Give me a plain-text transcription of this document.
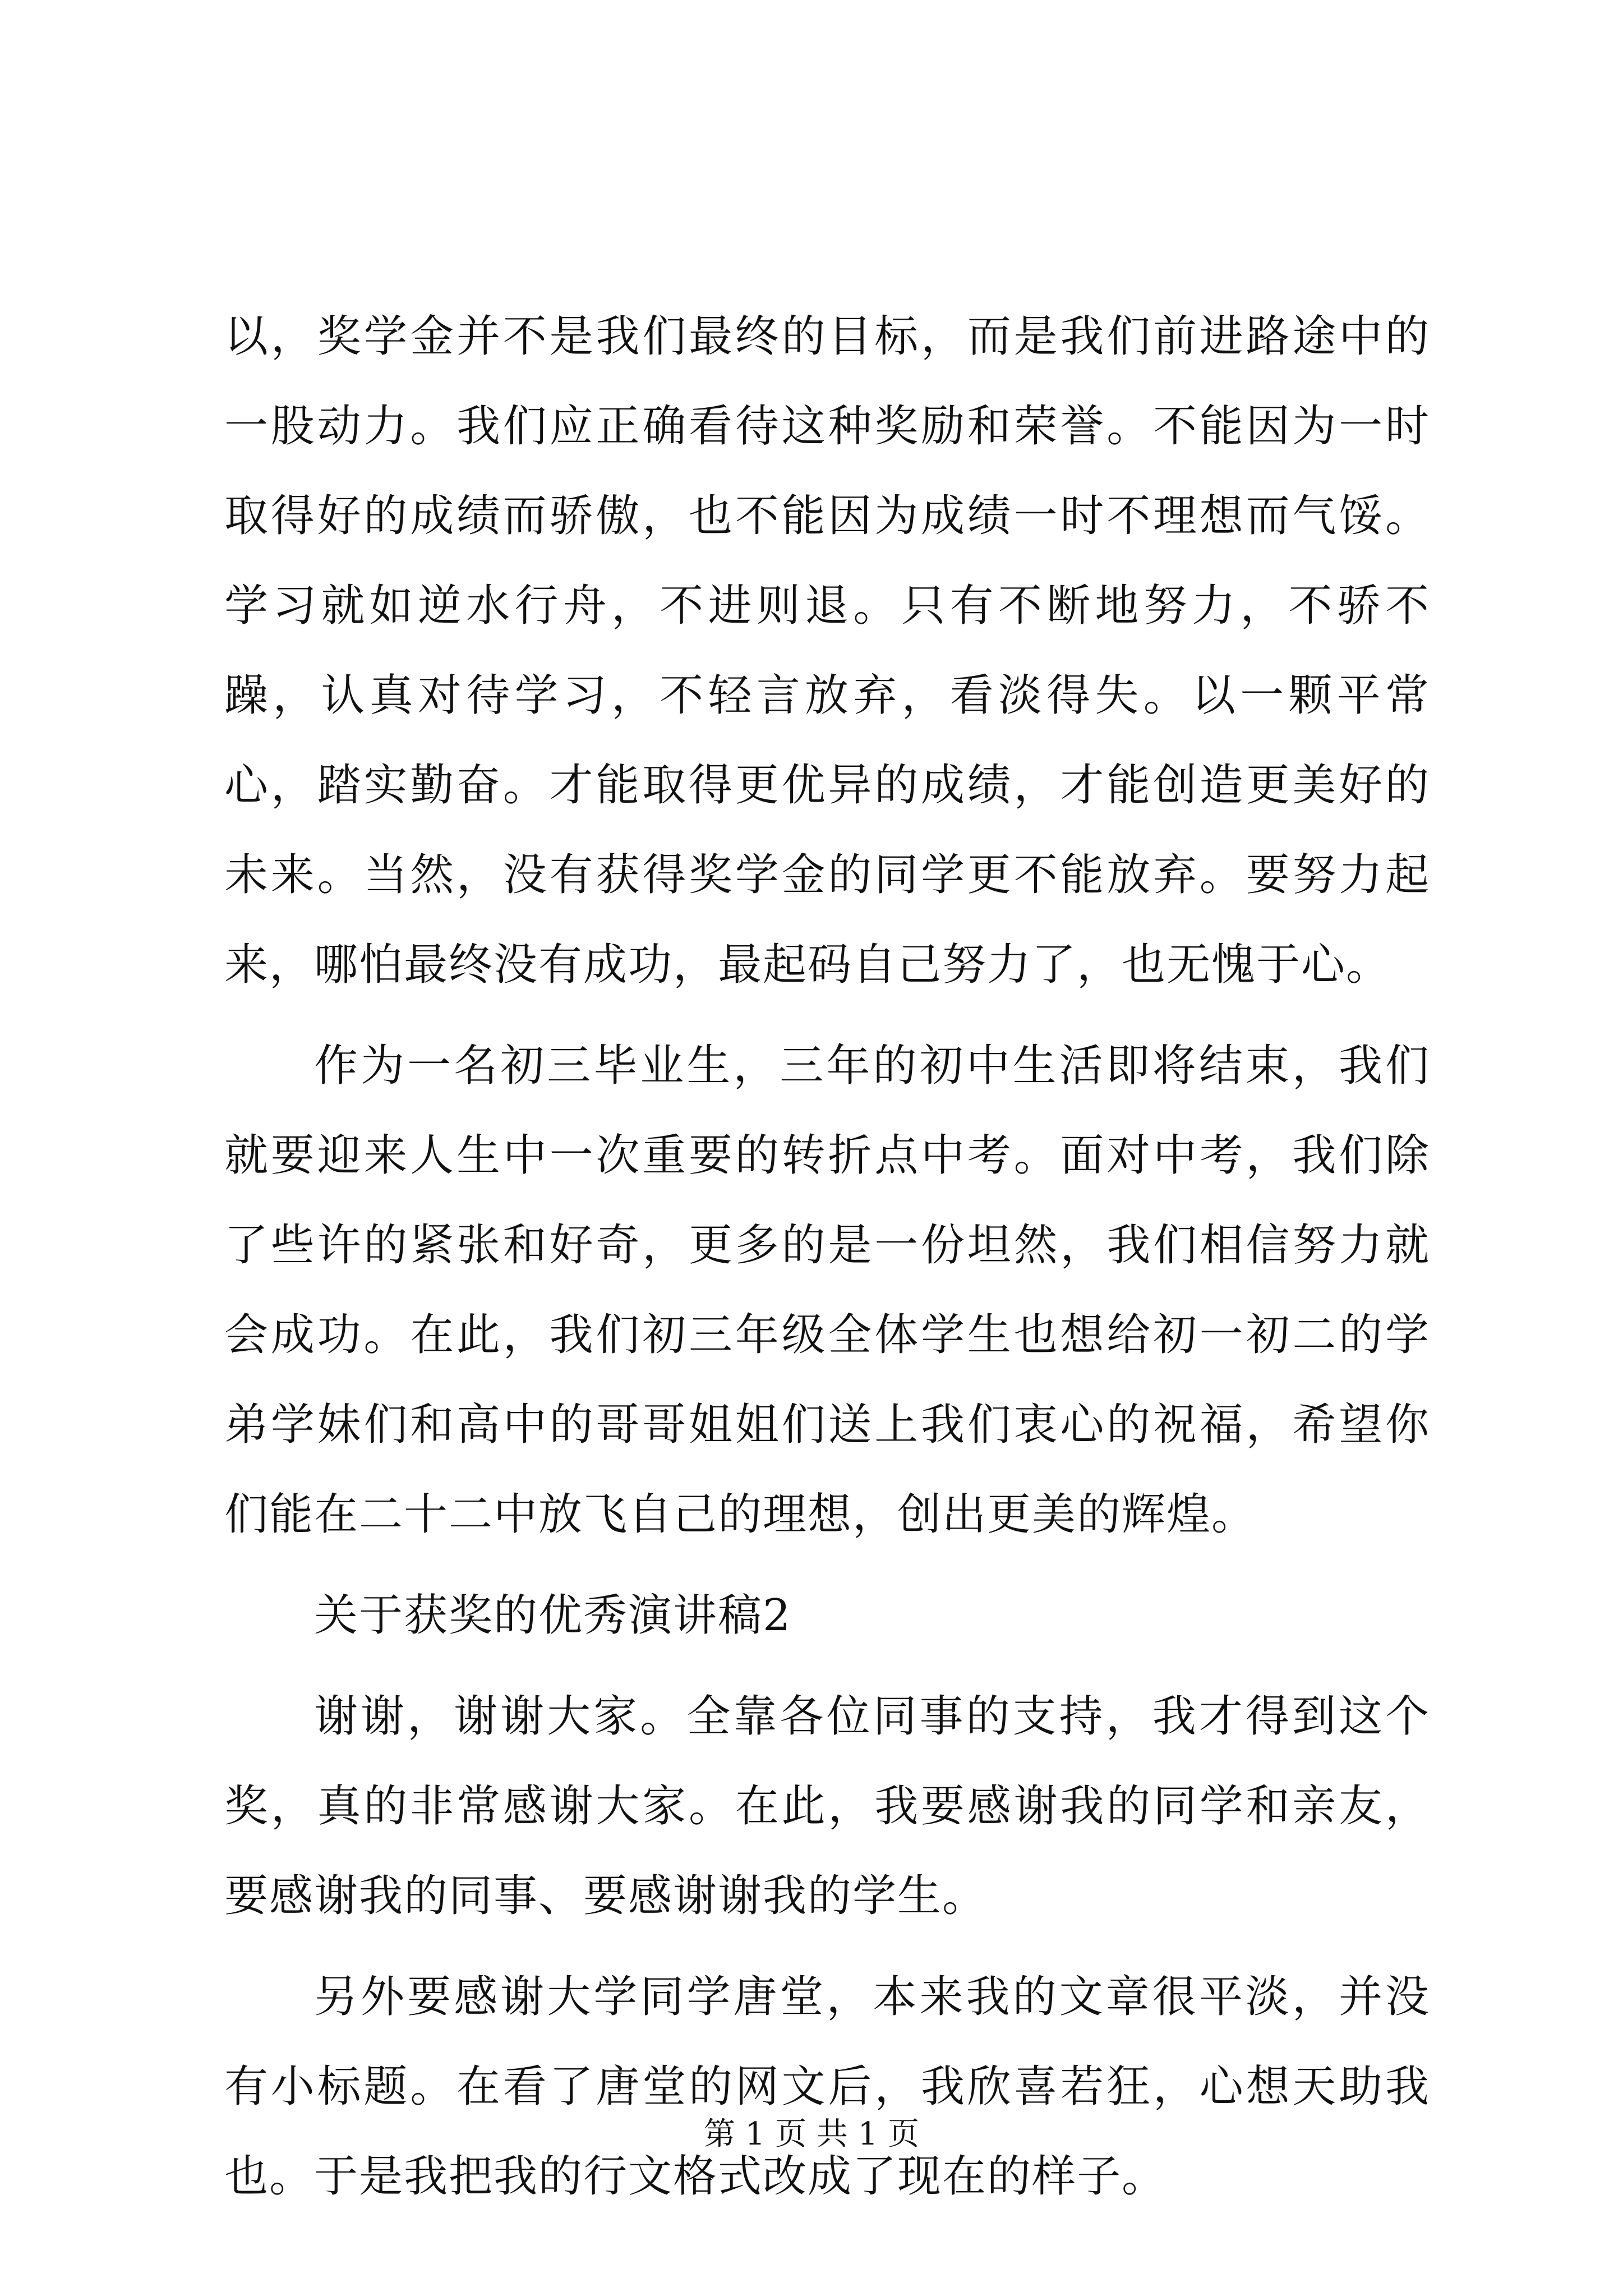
以，奖学金并不是我们最终的目标，而是我们前进路途中的一股动力。我们应正确看待这种奖励和荣誉。不能因为一时取得好的成绩而骄傲，也不能因为成绩一时不理想而气馁。学习就如逆水行舟，不进则退。只有不断地努力，不骄不躁，认真对待学习，不轻言放弃，看淡得失。以一颗平常心，踏实勤奋。才能取得更优异的成绩，才能创造更美好的未来。当然，没有获得奖学金的同学更不能放弃。要努力起来，哪怕最终没有成功，最起码自己努力了，也无愧于心。

作为一名初三毕业生，三年的初中生活即将结束，我们就要迎来人生中一次重要的转折点中考。面对中考，我们除了些许的紧张和好奇，更多的是一份坦然，我们相信努力就会成功。在此，我们初三年级全体学生也想给初一初二的学弟学妹们和高中的哥哥姐姐们送上我们衷心的祝福，希望你们能在二十二中放飞自己的理想，创出更美的辉煌。

关于获奖的优秀演讲稿2

谢谢，谢谢大家。全靠各位同事的支持，我才得到这个奖，真的非常感谢大家。在此，我要感谢我的同学和亲友，要感谢我的同事、要感谢谢我的学生。

另外要感谢大学同学唐堂，本来我的文章很平淡，并没有小标题。在看了唐堂的网文后，我欣喜若狂，心想天助我也。于是我把我的行文格式改成了现在的样子。

第 1 页 共 1 页
